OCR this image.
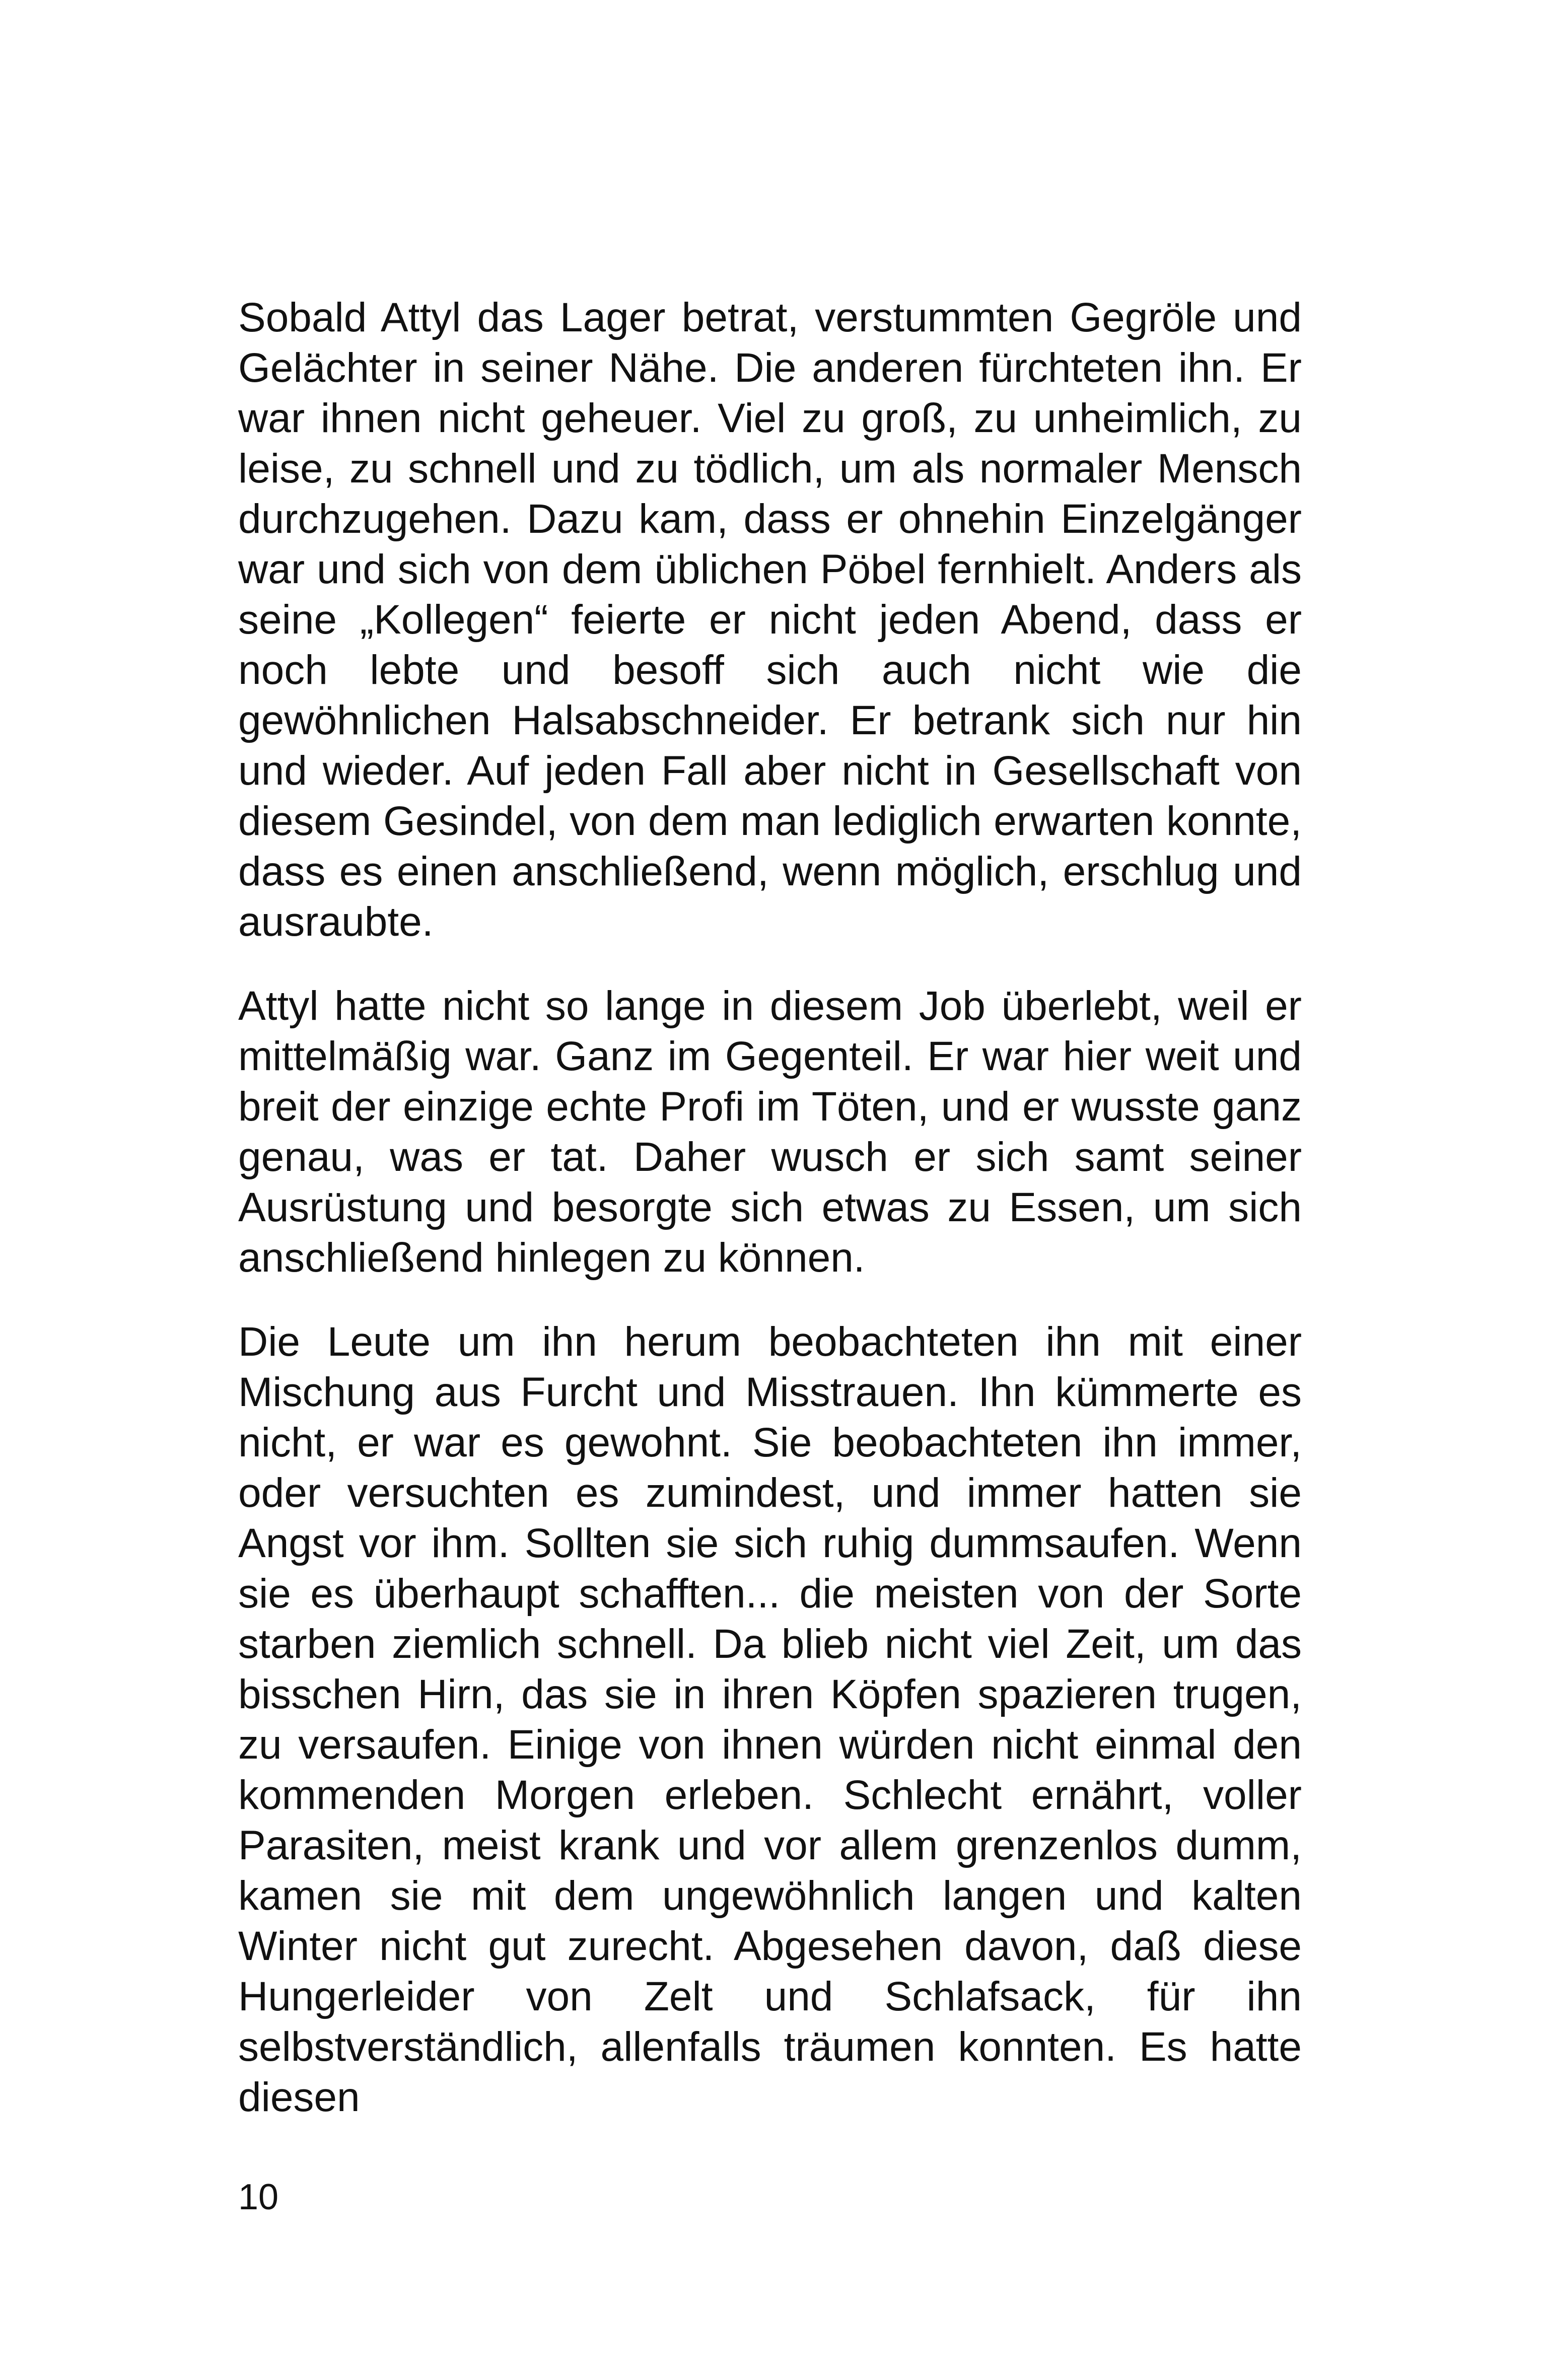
Sobald Attyl das Lager betrat, verstummten Gegröle und Gelächter in seiner Nähe. Die anderen fürchteten ihn. Er war ihnen nicht geheuer. Viel zu groß, zu unheimlich, zu leise, zu schnell und zu tödlich, um als normaler Mensch durchzugehen. Dazu kam, dass er ohnehin Einzelgänger war und sich von dem üblichen Pöbel fernhielt. Anders als seine „Kollegen“ feierte er nicht jeden Abend, dass er noch lebte und besoff sich auch nicht wie die gewöhnlichen Halsabschneider. Er betrank sich nur hin und wieder. Auf jeden Fall aber nicht in Gesellschaft von diesem Gesindel, von dem man lediglich erwarten konnte, dass es einen anschließend, wenn möglich, erschlug und ausraubte.

Attyl hatte nicht so lange in diesem Job überlebt, weil er mittelmäßig war. Ganz im Gegenteil. Er war hier weit und breit der einzige echte Profi im Töten, und er wusste ganz genau, was er tat. Daher wusch er sich samt seiner Ausrüstung und besorgte sich etwas zu Essen, um sich anschließend hinlegen zu können.

Die Leute um ihn herum beobachteten ihn mit einer Mischung aus Furcht und Misstrauen. Ihn kümmerte es nicht, er war es gewohnt. Sie beobachteten ihn immer, oder versuchten es zumindest, und immer hatten sie Angst vor ihm. Sollten sie sich ruhig dummsaufen. Wenn sie es überhaupt schafften... die meisten von der Sorte starben ziemlich schnell. Da blieb nicht viel Zeit, um das bisschen Hirn, das sie in ihren Köpfen spazieren trugen, zu versaufen. Einige von ihnen würden nicht einmal den kommenden Morgen erleben. Schlecht ernährt, voller Parasiten, meist krank und vor allem grenzenlos dumm, kamen sie mit dem ungewöhnlich langen und kalten Winter nicht gut zurecht. Abgesehen davon, daß diese Hungerleider von Zelt und Schlafsack, für ihn selbstverständlich, allenfalls träumen konnten. Es hatte diesen

10
